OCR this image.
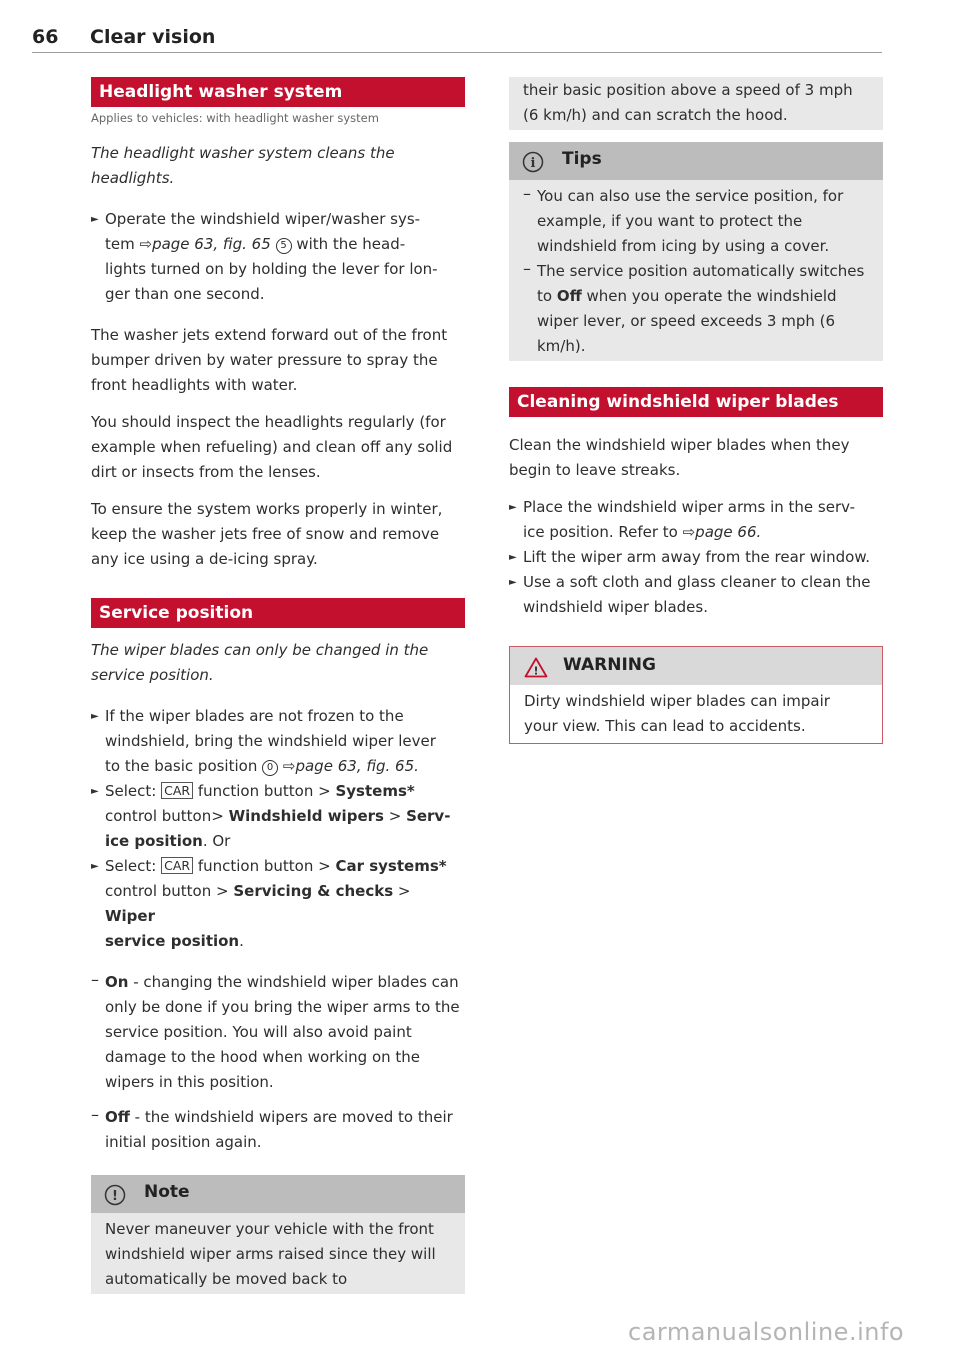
66 Clear vision
Headlight washer system
Applies to vehicles: with headlight washer system

The headlight washer system cleans the headlights.

► Operate the windshield wiper/washer sys-

tem ⇨page 63, fig. 65 5 with the head-

lights turned on by holding the lever for lon-

ger than one second.

The washer jets extend forward out of the front bumper driven by water pressure to spray the front headlights with water.

You should inspect the headlights regularly (for example when refueling) and clean off any solid dirt or insects from the lenses.

To ensure the system works properly in winter, keep the washer jets free of snow and remove any ice using a de-icing spray.

Service position

The wiper blades can only be changed in the service position.

► If the wiper blades are not frozen to the

windshield, bring the windshield wiper lever

to the basic position 0 ⇨page 63, fig. 65.

► Select: CAR function button > Systems*

control button> Windshield wipers > Serv-

ice position. Or

► Select: CAR function button > Car systems*

control button > Servicing & checks > Wiper

service position.

– On - changing the windshield wiper blades can only be done if you bring the wiper arms to the service position. You will also avoid paint damage to the hood when working on the wipers in this position.

– Off - the windshield wipers are moved to their initial position again.

! Note

Never maneuver your vehicle with the front windshield wiper arms raised since they will automatically be moved back to

their basic position above a speed of 3 mph (6 km/h) and can scratch the hood.

i Tips
– You can also use the service position, for example, if you want to protect the windshield from icing by using a cover.

– The service position automatically switches to Off when you operate the windshield wiper lever, or speed exceeds 3 mph (6 km/h).

Cleaning windshield wiper blades

Clean the windshield wiper blades when they begin to leave streaks.

► Place the windshield wiper arms in the serv-

ice position. Refer to ⇨page 66.

► Lift the wiper arm away from the rear window.

► Use a soft cloth and glass cleaner to clean the windshield wiper blades.

! WARNING

Dirty windshield wiper blades can impair your view. This can lead to accidents.

carmanualsonline.info
